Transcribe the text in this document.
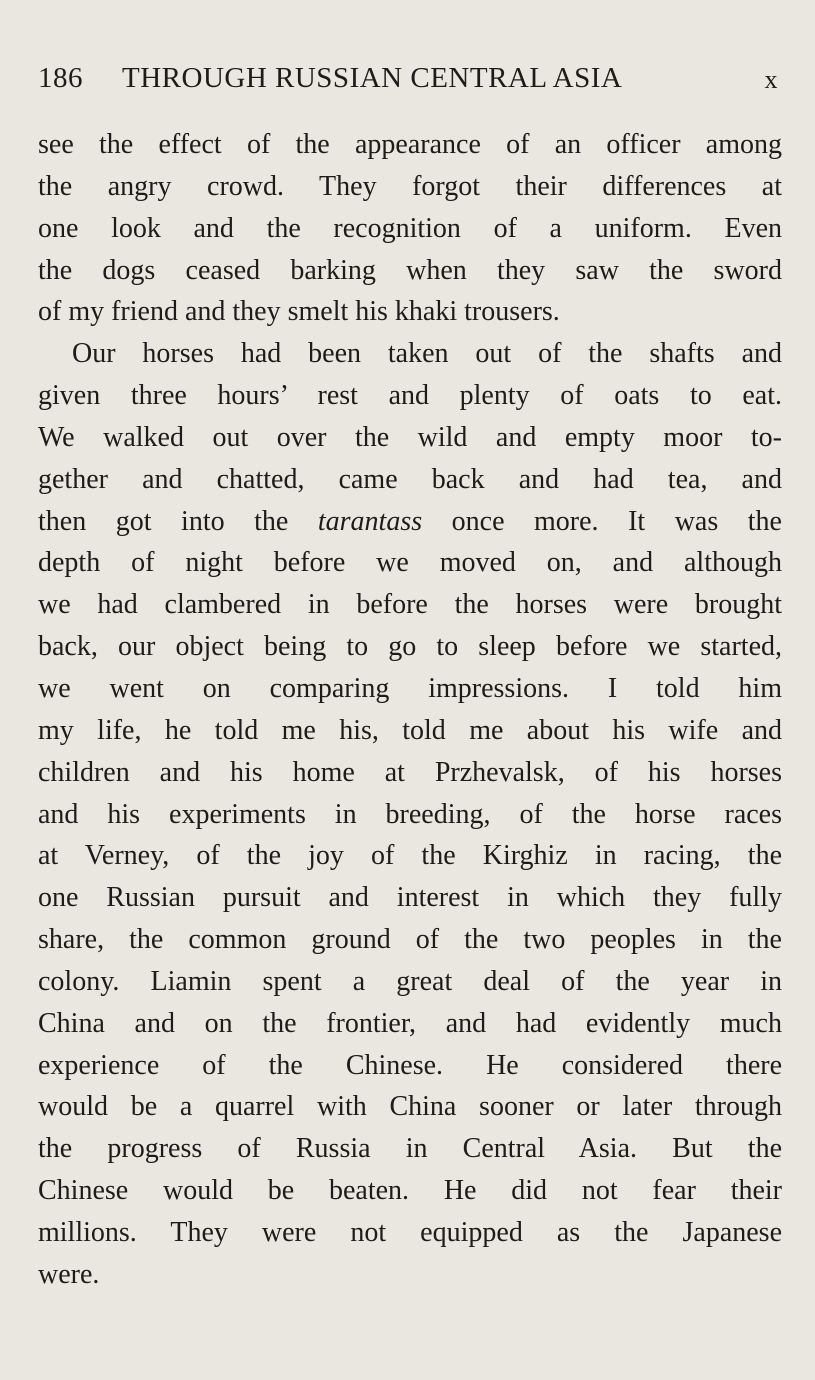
186 THROUGH RUSSIAN CENTRAL ASIA	x
see the effect of the appearance of an officer among
the angry crowd. They forgot their differences at
one look and the recognition of a uniform. Even
the dogs ceased barking when they saw the sword
of my friend and they smelt his khaki trousers.
Our horses had been taken out of the shafts and
given three hours’ rest and plenty of oats to eat.
We walked out over the wild and empty moor to-
gether and chatted, came back and had tea, and
then got into the tarantass once more. It was the
depth of night before we moved on, and although
we had clambered in before the horses were brought
back, our object being to go to sleep before we started,
we went on comparing impressions. I told him
my life, he told me his, told me about his wife and
children and his home at Przhevalsk, of his horses
and his experiments in breeding, of the horse races
at Verney, of the joy of the Kirghiz in racing, the
one Russian pursuit and interest in which they fully
share, the common ground of the two peoples in the
colony. Liamin spent a great deal of the year in
China and on the frontier, and had evidently much
experience of the Chinese. He considered there
would be a quarrel with China sooner or later through
the progress of Russia in Central Asia. But the
Chinese would be beaten. He did not fear their
millions. They were not equipped as the Japanese
were.
